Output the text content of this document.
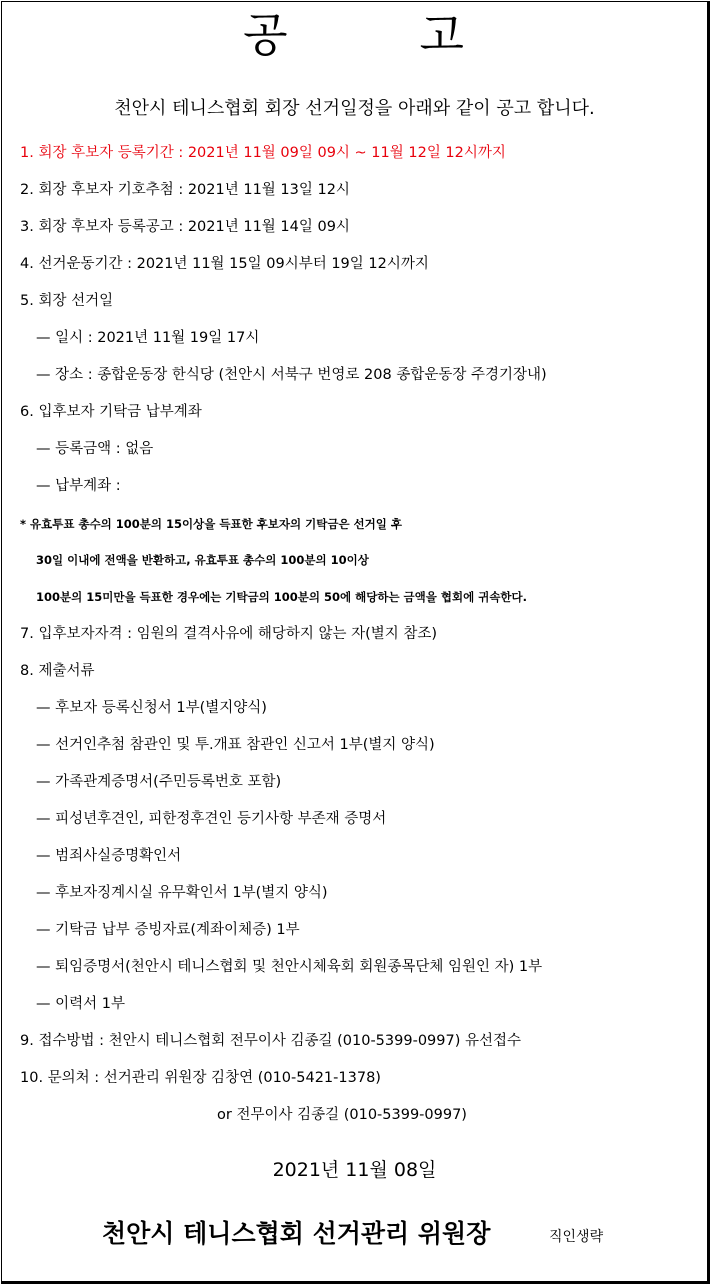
공	고
천안시 테니스협회 회장 선거일정을 아래와 같이 공고 합니다.
1. 회장 후보자 등록기간 : 2021년 11월 09일 09시 ~ 11월 12일 12시까지
2. 회장 후보자 기호추첨 : 2021년 11월 13일 12시
3. 회장 후보자 등록공고 : 2021년 11월 14일 09시
4. 선거운동기간 : 2021년 11월 15일 09시부터 19일 12시까지
5. 회장 선거일
— 일시 : 2021년 11월 19일 17시
— 장소 : 종합운동장 한식당 (천안시 서북구 번영로 208 종합운동장 주경기장내)
6. 입후보자 기탁금 납부계좌
— 등록금액 : 없음
— 납부계좌 :
* 유효투표 총수의 100분의 15이상을 득표한 후보자의 기탁금은 선거일 후
30일 이내에 전액을 반환하고, 유효투표 총수의 100분의 10이상
100분의 15미만을 득표한 경우에는 기탁금의 100분의 50에 해당하는 금액을 협회에 귀속한다.
7. 입후보자자격 : 임원의 결격사유에 해당하지 않는 자(별지 참조)
8. 제출서류
— 후보자 등록신청서 1부(별지양식)
— 선거인추첨 참관인 및 투.개표 참관인 신고서 1부(별지 양식)
— 가족관계증명서(주민등록번호 포함)
— 피성년후견인, 피한정후견인 등기사항 부존재 증명서
— 범죄사실증명확인서
— 후보자징계시실 유무확인서 1부(별지 양식)
— 기탁금 납부 증빙자료(계좌이체증) 1부
— 퇴임증명서(천안시 테니스협회 및 천안시체육회 회원종목단체 임원인 자) 1부
— 이력서 1부
9. 접수방법 : 천안시 테니스협회 전무이사 김종길 (010-5399-0997) 유선접수
10. 문의처 : 선거관리 위원장 김창연 (010-5421-1378)
or 전무이사 김종길 (010-5399-0997)
2021년 11월 08일
천안시 테니스협회 선거관리 위원장	직인생략
